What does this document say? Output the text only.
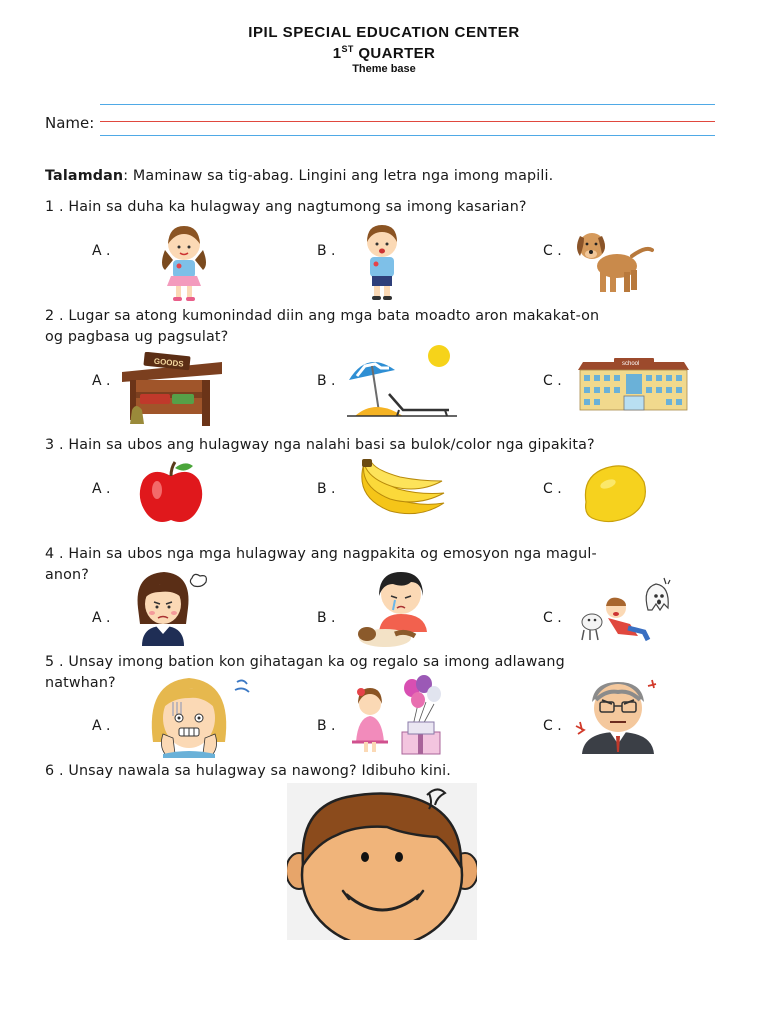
IPIL SPECIAL EDUCATION CENTER
1ST QUARTER
Theme base
Name:
Talamdan: Maminaw sa tig-abag. Lingini ang letra nga imong mapili.
1 . Hain sa duha ka hulagway ang nagtumong sa imong kasarian?
A .	B .	C .
2 . Lugar sa atong kumonindad diin ang mga bata moadto aron makakat-on
og pagbasa ug pagsulat?
A .	B .	C .
GOODS	school
3 . Hain sa ubos ang hulagway nga nalahi basi sa bulok/color nga gipakita?
A .	B .	C .
4 . Hain sa ubos nga mga hulagway ang nagpakita og emosyon nga magul-
anon?
A .	B .	C .
5 . Unsay imong bation kon gihatagan ka og regalo sa imong adlawang
natwhan?
A .	B .	C .
6 . Unsay nawala sa hulagway sa nawong? Idibuho kini.
